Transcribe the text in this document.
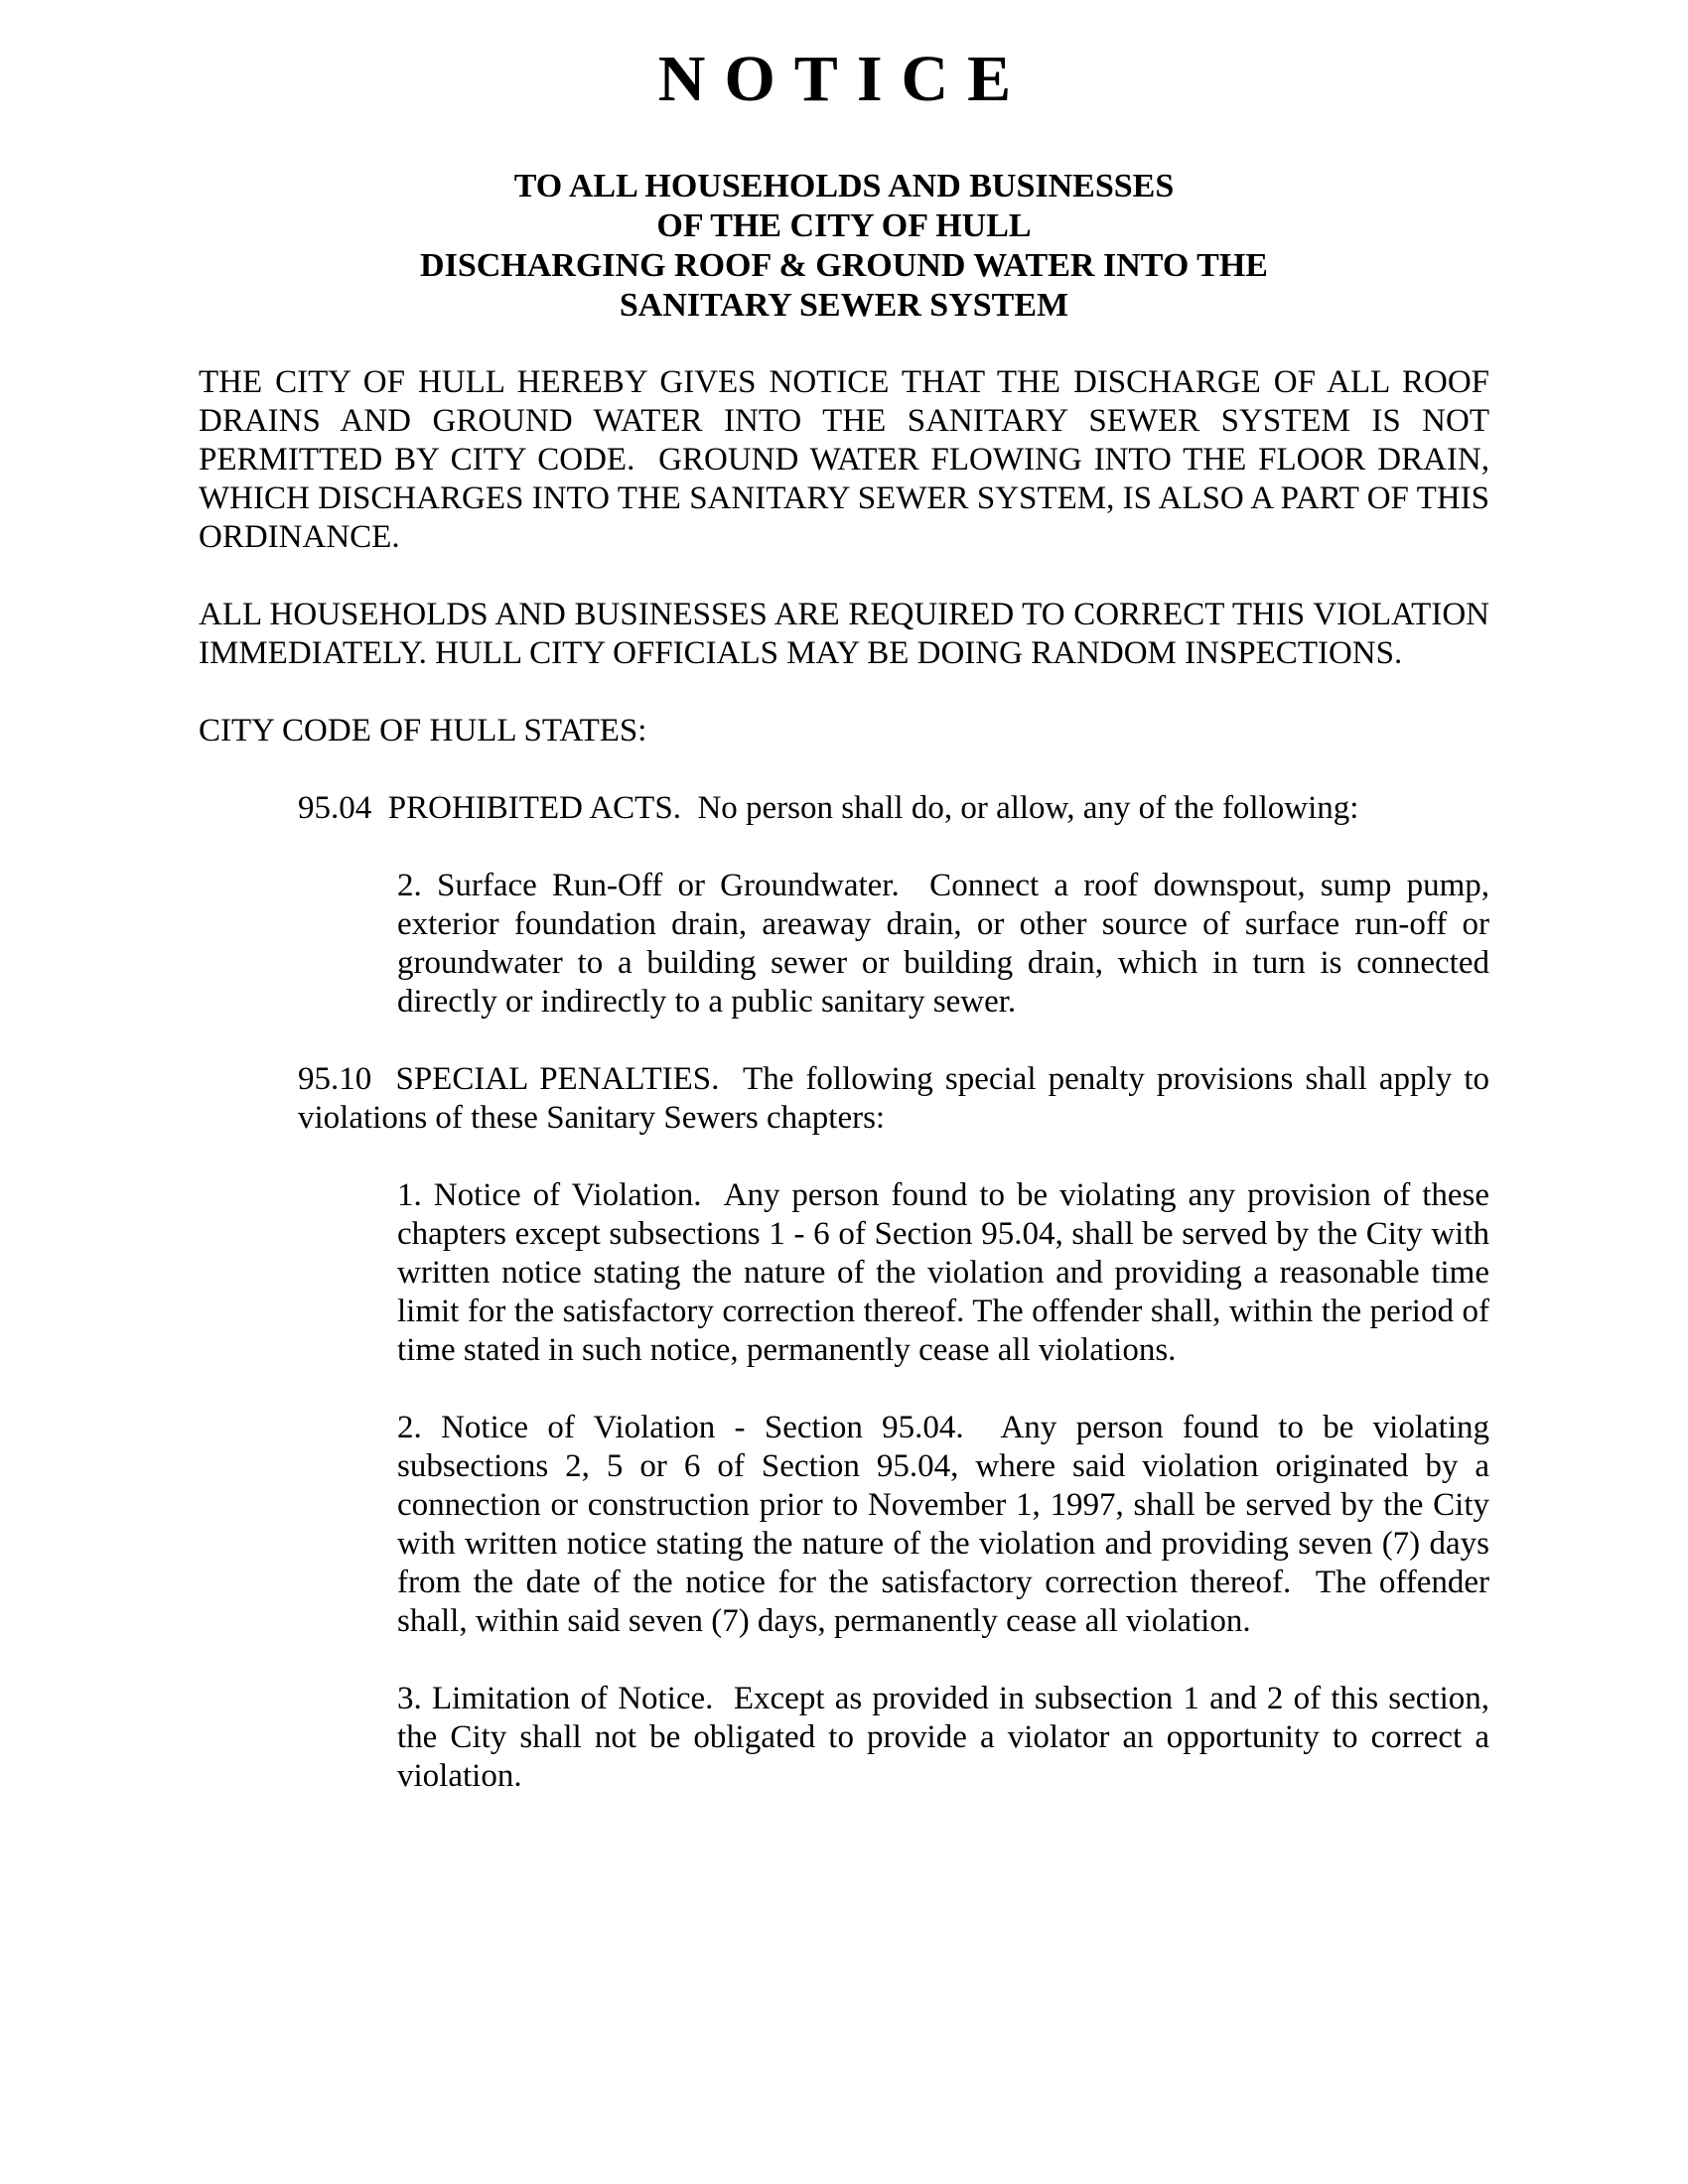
NOTICE
TO ALL HOUSEHOLDS AND BUSINESSES
OF THE CITY OF HULL
DISCHARGING ROOF & GROUND WATER INTO THE
SANITARY SEWER SYSTEM

THE CITY OF HULL HEREBY GIVES NOTICE THAT THE DISCHARGE OF ALL ROOF DRAINS AND GROUND WATER INTO THE SANITARY SEWER SYSTEM IS NOT PERMITTED BY CITY CODE.  GROUND WATER FLOWING INTO THE FLOOR DRAIN, WHICH DISCHARGES INTO THE SANITARY SEWER SYSTEM, IS ALSO A PART OF THIS ORDINANCE.

ALL HOUSEHOLDS AND BUSINESSES ARE REQUIRED TO CORRECT THIS VIOLATION IMMEDIATELY. HULL CITY OFFICIALS MAY BE DOING RANDOM INSPECTIONS.

CITY CODE OF HULL STATES:

95.04  PROHIBITED ACTS.  No person shall do, or allow, any of the following:

2. Surface Run-Off or Groundwater.  Connect a roof downspout, sump pump, exterior foundation drain, areaway drain, or other source of surface run-off or groundwater to a building sewer or building drain, which in turn is connected directly or indirectly to a public sanitary sewer.

95.10  SPECIAL PENALTIES.  The following special penalty provisions shall apply to violations of these Sanitary Sewers chapters:

1. Notice of Violation.  Any person found to be violating any provision of these chapters except subsections 1 - 6 of Section 95.04, shall be served by the City with written notice stating the nature of the violation and providing a reasonable time limit for the satisfactory correction thereof. The offender shall, within the period of time stated in such notice, permanently cease all violations.

2. Notice of Violation - Section 95.04.  Any person found to be violating subsections 2, 5 or 6 of Section 95.04, where said violation originated by a connection or construction prior to November 1, 1997, shall be served by the City with written notice stating the nature of the violation and providing seven (7) days from the date of the notice for the satisfactory correction thereof.  The offender shall, within said seven (7) days, permanently cease all violation.

3. Limitation of Notice.  Except as provided in subsection 1 and 2 of this section, the City shall not be obligated to provide a violator an opportunity to correct a violation.
